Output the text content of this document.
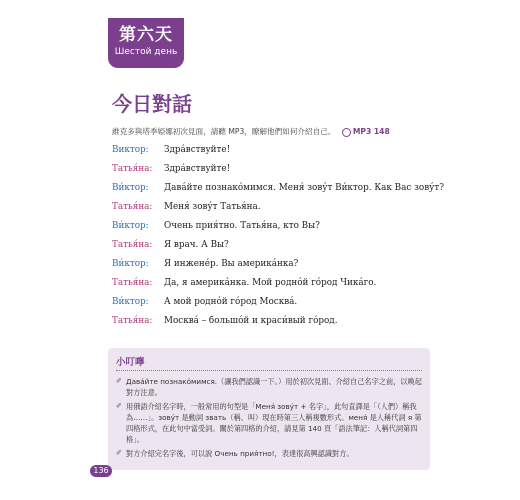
第六天
Шестой день
今日對話
維克多與塔季婭娜初次見面，請聽 MP3，瞭解他們如何介紹自己。 MP3 148
Виктор:	Здра́вствуйте!
Татья́на:	Здра́вствуйте!
Ви́ктор:	Дава́йте познако́мимся. Меня́ зову́т Ви́ктор. Как Вас зову́т?
Татья́на:	Меня́ зову́т Татья́на.
Ви́ктор:	Очень прия́тно. Татья́на, кто Вы?
Татья́на:	Я врач. А Вы?
Ви́ктор:	Я инжене́р. Вы америка́нка?
Татья́на:	Да, я америка́нка. Мой родно́й го́род Чика́го.
Ви́ктор:	А мой родно́й го́род Москва́.
Татья́на:	Москва́ – большо́й и краси́вый го́род.
小叮嚀
✐ Дава́йте познако́мимся.（讓我們認識一下。）用於初次見面、介紹自己名字之前，以喚起對方注意。
✐ 用俄語介紹名字時，一般常用的句型是「Меня́ зову́т + 名字」，此句直譯是「（人們）稱我為……」。зову́т 是動詞 звать（稱、叫）現在時第三人稱複數形式。меня́ 是人稱代詞 я 第四格形式，在此句中當受詞。關於第四格的介紹，請見第 140 頁「語法筆記：人稱代詞第四格」。
✐ 對方介紹完名字後，可以說 Очень прия́тно!，表達很高興認識對方。
136
